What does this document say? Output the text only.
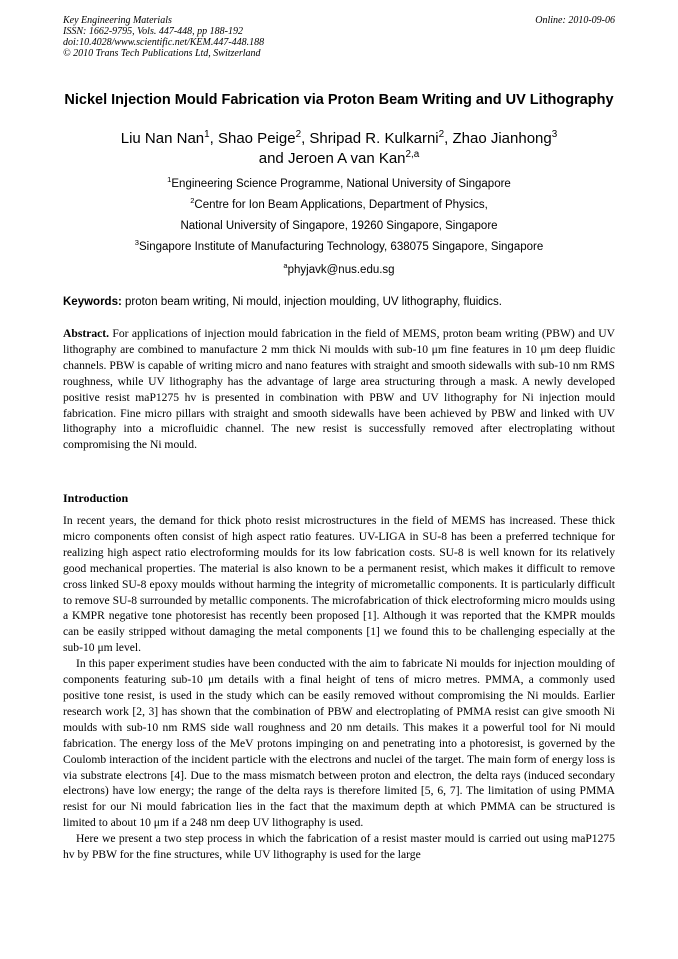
Key Engineering Materials
ISSN: 1662-9795, Vols. 447-448, pp 188-192
doi:10.4028/www.scientific.net/KEM.447-448.188
© 2010 Trans Tech Publications Ltd, Switzerland
Online: 2010-09-06
Nickel Injection Mould Fabrication via Proton Beam Writing and UV Lithography
Liu Nan Nan$^1$, Shao Peige$^2$, Shripad R. Kulkarni$^2$, Zhao Jianhong$^3$
and Jeroen A van Kan$^{2,a}$
$^1$Engineering Science Programme, National University of Singapore
$^2$Centre for Ion Beam Applications, Department of Physics,
National University of Singapore, 19260 Singapore, Singapore
$^3$Singapore Institute of Manufacturing Technology, 638075 Singapore, Singapore
$^a$phyjavk@nus.edu.sg
Keywords: proton beam writing, Ni mould, injection moulding, UV lithography, fluidics.

Abstract. For applications of injection mould fabrication in the field of MEMS, proton beam writing (PBW) and UV lithography are combined to manufacture 2 mm thick Ni moulds with sub-10 μm fine features in 10 μm deep fluidic channels. PBW is capable of writing micro and nano features with straight and smooth sidewalls with sub-10 nm RMS roughness, while UV lithography has the advantage of large area structuring through a mask. A newly developed positive resist maP1275 hv is presented in combination with PBW and UV lithography for Ni injection mould fabrication. Fine micro pillars with straight and smooth sidewalls have been achieved by PBW and linked with UV lithography into a microfluidic channel. The new resist is successfully removed after electroplating without compromising the Ni mould.

Introduction

In recent years, the demand for thick photo resist microstructures in the field of MEMS has increased. These thick micro components often consist of high aspect ratio features. UV-LIGA in SU-8 has been a preferred technique for realizing high aspect ratio electroforming moulds for its low fabrication costs. SU-8 is well known for its relatively good mechanical properties. The material is also known to be a permanent resist, which makes it difficult to remove cross linked SU-8 epoxy moulds without harming the integrity of micrometallic components. It is particularly difficult to remove SU-8 surrounded by metallic components. The microfabrication of thick electroforming micro moulds using a KMPR negative tone photoresist has recently been proposed [1]. Although it was reported that the KMPR moulds can be easily stripped without damaging the metal components [1] we found this to be challenging especially at the sub-10 μm level.

In this paper experiment studies have been conducted with the aim to fabricate Ni moulds for injection moulding of components featuring sub-10 μm details with a final height of tens of micro metres. PMMA, a commonly used positive tone resist, is used in the study which can be easily removed without compromising the Ni moulds. Earlier research work [2, 3] has shown that the combination of PBW and electroplating of PMMA resist can give smooth Ni moulds with sub-10 nm RMS side wall roughness and 20 nm details. This makes it a powerful tool for Ni mould fabrication. The energy loss of the MeV protons impinging on and penetrating into a photoresist, is governed by the Coulomb interaction of the incident particle with the electrons and nuclei of the target. The main form of energy loss is via substrate electrons [4]. Due to the mass mismatch between proton and electron, the delta rays (induced secondary electrons) have low energy; the range of the delta rays is therefore limited [5, 6, 7]. The limitation of using PMMA resist for our Ni mould fabrication lies in the fact that the maximum depth at which PMMA can be structured is limited to about 10 μm if a 248 nm deep UV lithography is used.

Here we present a two step process in which the fabrication of a resist master mould is carried out using maP1275 hv by PBW for the fine structures, while UV lithography is used for the large
